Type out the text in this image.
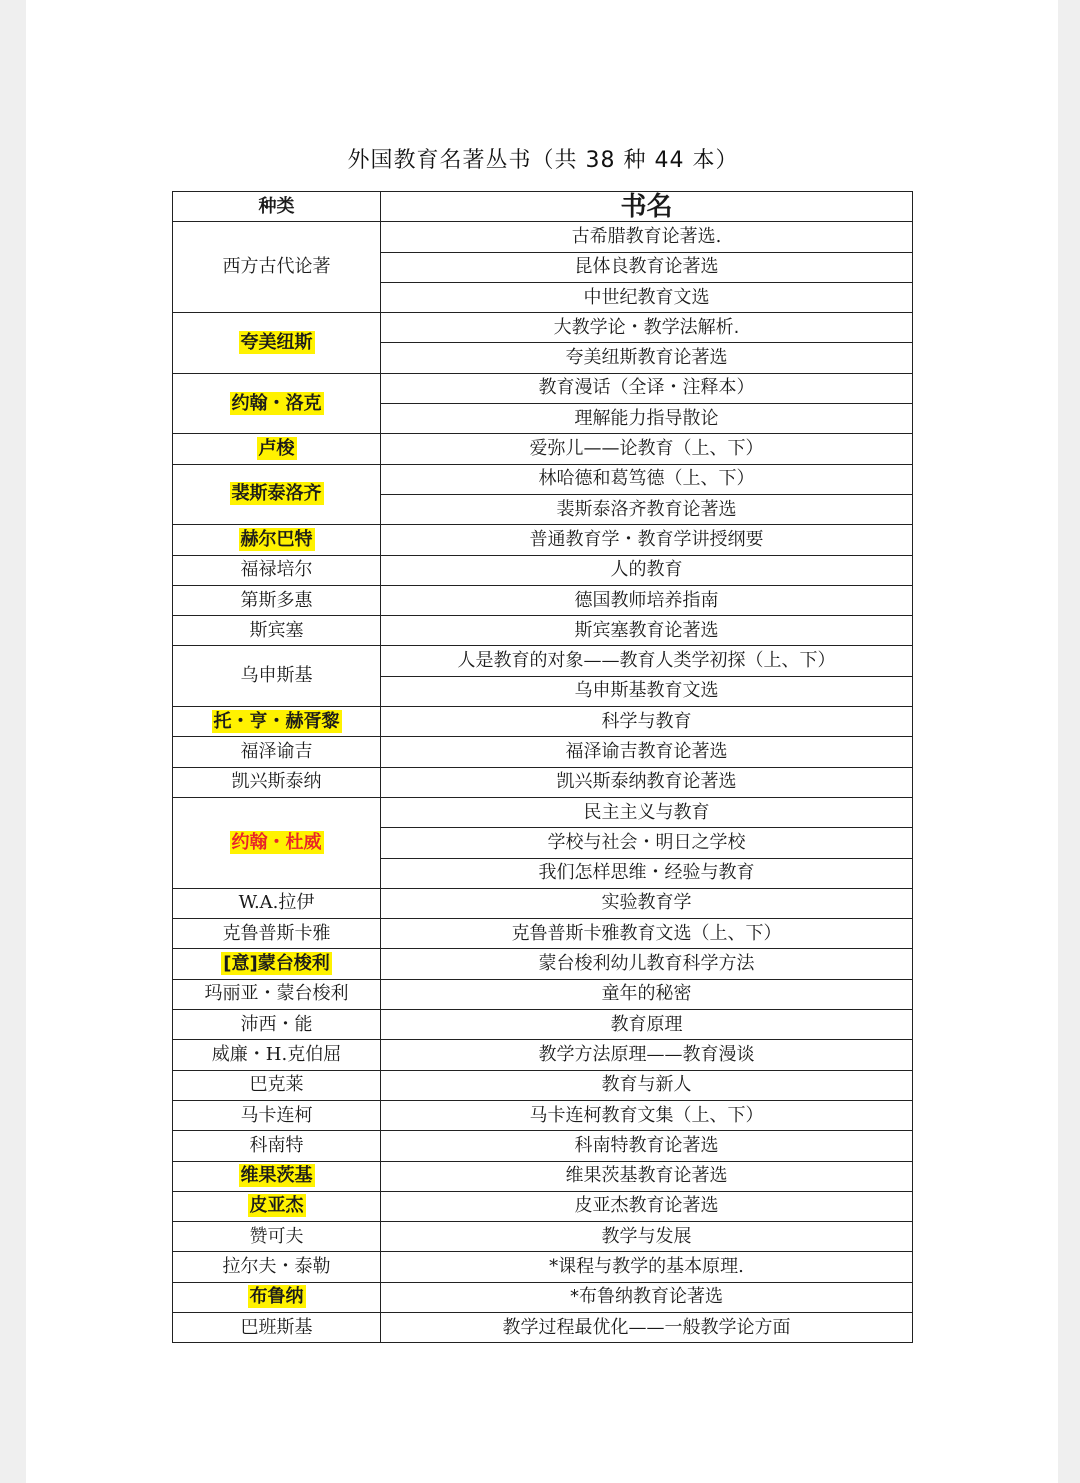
外国教育名著丛书（共 38 种 44 本）
种类	书名
西方古代论著	古希腊教育论著选.
	昆体良教育论著选
	中世纪教育文选
夸美纽斯	大教学论・教学法解析.
	夸美纽斯教育论著选
约翰・洛克	教育漫话（全译・注释本）
	理解能力指导散论
卢梭	爱弥儿——论教育（上、下）
裴斯泰洛齐	林哈德和葛笃德（上、下）
	裴斯泰洛齐教育论著选
赫尔巴特	普通教育学・教育学讲授纲要
福禄培尔	人的教育
第斯多惠	德国教师培养指南
斯宾塞	斯宾塞教育论著选
乌申斯基	人是教育的对象——教育人类学初探（上、下）
	乌申斯基教育文选
托・亨・赫胥黎	科学与教育
福泽谕吉	福泽谕吉教育论著选
凯兴斯泰纳	凯兴斯泰纳教育论著选
约翰・杜威	民主主义与教育
	学校与社会・明日之学校
	我们怎样思维・经验与教育
W.A.拉伊	实验教育学
克鲁普斯卡雅	克鲁普斯卡雅教育文选（上、下）
[意]蒙台梭利	蒙台梭利幼儿教育科学方法
玛丽亚・蒙台梭利	童年的秘密
沛西・能	教育原理
威廉・H.克伯屈	教学方法原理——教育漫谈
巴克莱	教育与新人
马卡连柯	马卡连柯教育文集（上、下）
科南特	科南特教育论著选
维果茨基	维果茨基教育论著选
皮亚杰	皮亚杰教育论著选
赞可夫	教学与发展
拉尔夫・泰勒	*课程与教学的基本原理.
布鲁纳	*布鲁纳教育论著选
巴班斯基	教学过程最优化——一般教学论方面
